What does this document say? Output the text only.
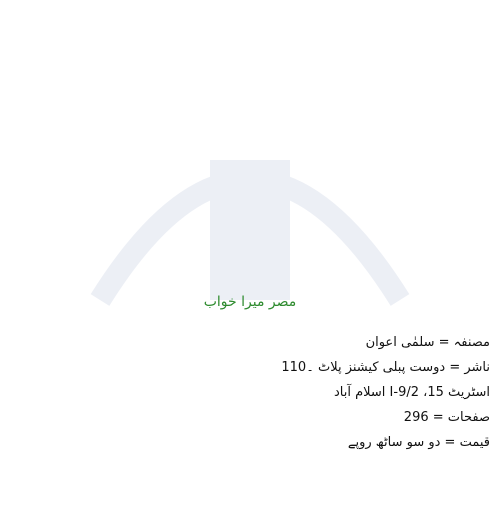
مصر میرا خواب
مصنفہ = سلمٰی اعوان
ناشر = دوست پبلی کیشنز پلاٹ ۔110
اسٹریٹ 15، I-9/2 اسلام آباد
صفحات = 296
قیمت = دو سو ساٹھ روپے
